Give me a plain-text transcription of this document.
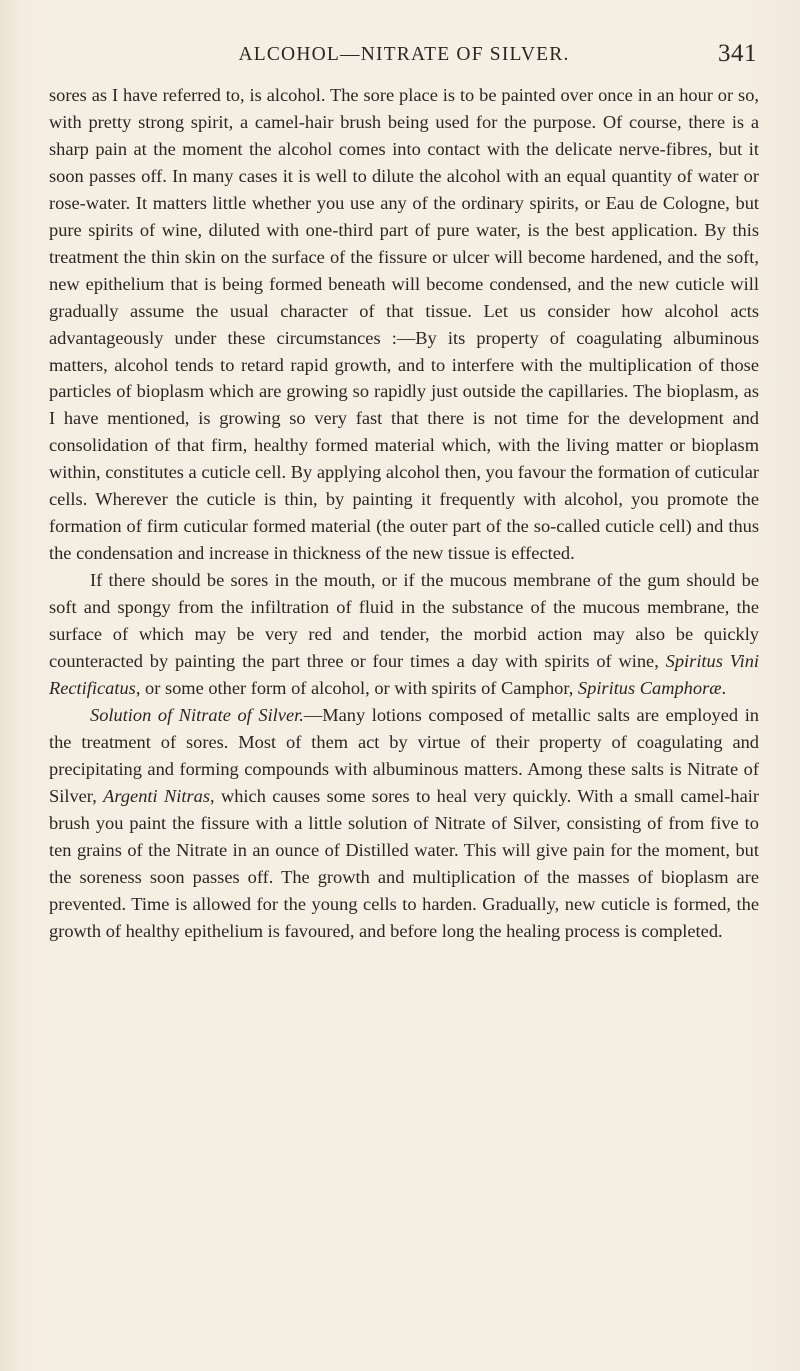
ALCOHOL—NITRATE OF SILVER.	341

sores as I have referred to, is alcohol. The sore place is to be painted over once in an hour or so, with pretty strong spirit, a camel-hair brush being used for the purpose. Of course, there is a sharp pain at the moment the alcohol comes into contact with the delicate nerve-fibres, but it soon passes off. In many cases it is well to dilute the alcohol with an equal quantity of water or rose-water. It matters little whether you use any of the ordinary spirits, or Eau de Cologne, but pure spirits of wine, diluted with one-third part of pure water, is the best application. By this treatment the thin skin on the surface of the fissure or ulcer will become hardened, and the soft, new epithelium that is being formed beneath will become condensed, and the new cuticle will gradually assume the usual character of that tissue. Let us consider how alcohol acts advantageously under these circumstances :—By its property of coagulating albuminous matters, alcohol tends to retard rapid growth, and to interfere with the multiplication of those particles of bioplasm which are growing so rapidly just outside the capillaries. The bioplasm, as I have mentioned, is growing so very fast that there is not time for the development and consolidation of that firm, healthy formed material which, with the living matter or bioplasm within, constitutes a cuticle cell. By applying alcohol then, you favour the formation of cuticular cells. Wherever the cuticle is thin, by painting it frequently with alcohol, you promote the formation of firm cuticular formed material (the outer part of the so-called cuticle cell) and thus the condensation and increase in thickness of the new tissue is effected.

If there should be sores in the mouth, or if the mucous membrane of the gum should be soft and spongy from the infiltration of fluid in the substance of the mucous membrane, the surface of which may be very red and tender, the morbid action may also be quickly counteracted by painting the part three or four times a day with spirits of wine, Spiritus Vini Rectificatus, or some other form of alcohol, or with spirits of Camphor, Spiritus Camphoræ.

Solution of Nitrate of Silver.—Many lotions composed of metallic salts are employed in the treatment of sores. Most of them act by virtue of their property of coagulating and precipitating and forming compounds with albuminous matters. Among these salts is Nitrate of Silver, Argenti Nitras, which causes some sores to heal very quickly. With a small camel-hair brush you paint the fissure with a little solution of Nitrate of Silver, consisting of from five to ten grains of the Nitrate in an ounce of Distilled water. This will give pain for the moment, but the soreness soon passes off. The growth and multiplication of the masses of bioplasm are prevented. Time is allowed for the young cells to harden. Gradually, new cuticle is formed, the growth of healthy epithelium is favoured, and before long the healing process is completed.
